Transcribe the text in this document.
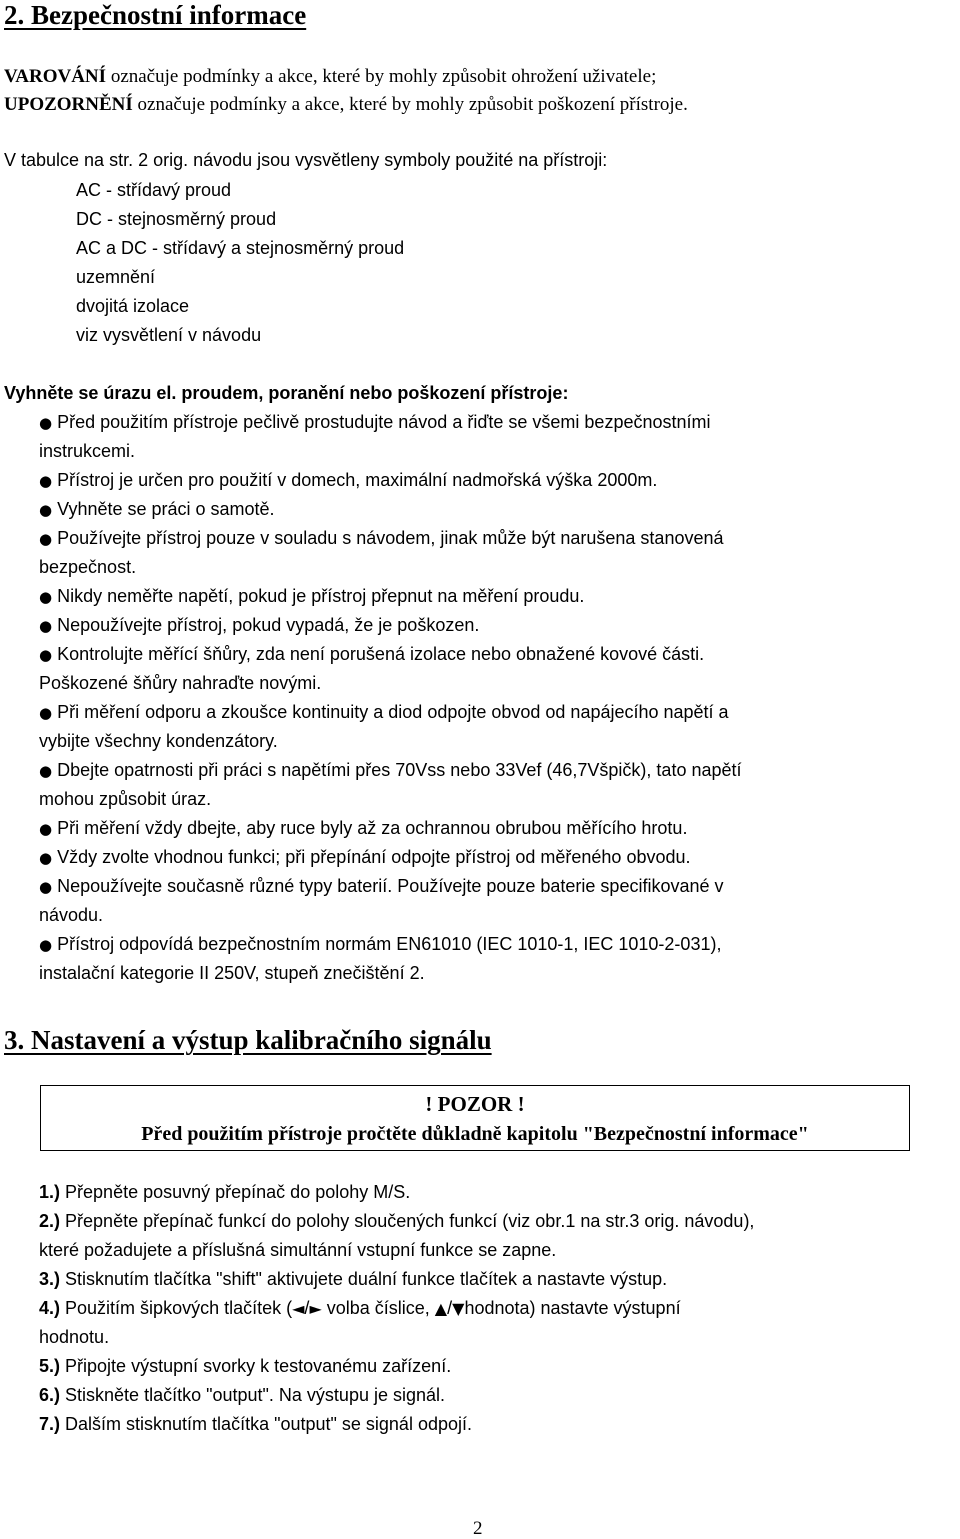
2. Bezpečnostní informace
VAROVÁNÍ označuje podmínky a akce, které by mohly způsobit ohrožení uživatele;
UPOZORNĚNÍ označuje podmínky a akce, které by mohly způsobit poškození přístroje.
V tabulce na str. 2 orig. návodu jsou vysvětleny symboly použité na přístroji:
AC - střídavý proud
DC - stejnosměrný proud
AC a DC - střídavý a stejnosměrný proud
uzemnění
dvojitá izolace
viz vysvětlení v návodu
Vyhněte se úrazu el. proudem, poranění nebo poškození přístroje:
● Před použitím přístroje pečlivě prostudujte návod a řiďte se všemi bezpečnostními
instrukcemi.
● Přístroj je určen pro použití v domech, maximální nadmořská výška 2000m.
● Vyhněte se práci o samotě.
● Používejte přístroj pouze v souladu s návodem, jinak může být narušena stanovená
bezpečnost.
● Nikdy neměřte napětí, pokud je přístroj přepnut na měření proudu.
● Nepoužívejte přístroj, pokud vypadá, že je poškozen.
● Kontrolujte měřící šňůry, zda není porušená izolace nebo obnažené kovové části.
Poškozené šňůry nahraďte novými.
● Při měření odporu a zkoušce kontinuity a diod odpojte obvod od napájecího napětí a
vybijte všechny kondenzátory.
● Dbejte opatrnosti při práci s napětími přes 70Vss nebo 33Vef (46,7Všpičk), tato napětí
mohou způsobit úraz.
● Při měření vždy dbejte, aby ruce byly až za ochrannou obrubou měřícího hrotu.
● Vždy zvolte vhodnou funkci; při přepínání odpojte přístroj od měřeného obvodu.
● Nepoužívejte současně různé typy baterií. Používejte pouze baterie specifikované v
návodu.
● Přístroj odpovídá bezpečnostním normám EN61010 (IEC 1010-1, IEC 1010-2-031),
instalační kategorie II 250V, stupeň znečištění 2.
3. Nastavení a výstup kalibračního signálu
! POZOR !
Před použitím přístroje pročtěte důkladně kapitolu "Bezpečnostní informace"
1.) Přepněte posuvný přepínač do polohy M/S.
2.) Přepněte přepínač funkcí do polohy sloučených funkcí (viz obr.1 na str.3 orig. návodu),
které požadujete a příslušná simultánní vstupní funkce se zapne.
3.) Stisknutím tlačítka "shift" aktivujete duální funkce tlačítek a nastavte výstup.
4.) Použitím šipkových tlačítek (◄/► volba číslice, ▲/▼hodnota) nastavte výstupní
hodnotu.
5.) Připojte výstupní svorky k testovanému zařízení.
6.) Stiskněte tlačítko "output". Na výstupu je signál.
7.) Dalším stisknutím tlačítka "output" se signál odpojí.
2
